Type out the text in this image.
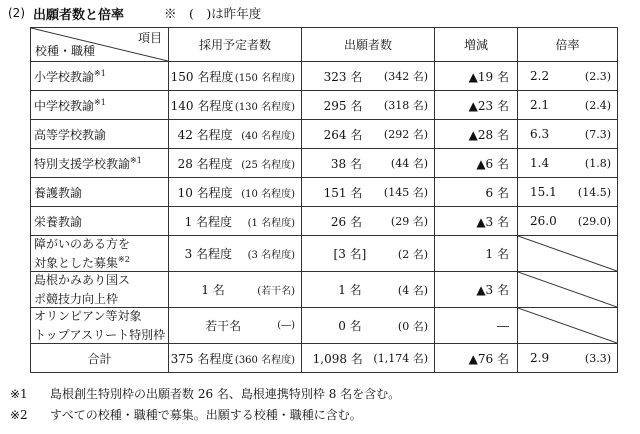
(2) 出願者数と倍率	※　(　)は昨年度
項目
校種・職種	採用予定者数	出願者数	増減	倍率
小学校教諭$^{※1}$	150 名程度 (150 名程度)	323 名 (342 名)	▲19 名	2.2 (2.3)

中学校教諭$^{※1}$	140 名程度 (130 名程度)	295 名 (318 名)	▲23 名	2.1 (2.4)

高等学校教諭	42 名程度 (40 名程度)	264 名 (292 名)	▲28 名	6.3 (7.3)

特別支援学校教諭$^{※1}$	28 名程度 (25 名程度)	38 名 (44 名)	▲6 名	1.4 (1.8)

養護教諭	10 名程度 (10 名程度)	151 名 (145 名)	6 名	15.1 (14.5)

栄養教諭	1 名程度 (1 名程度)	26 名 (29 名)	▲3 名	26.0 (29.0)

障がいのある方を
対象とした募集$^{※2}$	3 名程度 (3 名程度)	[3 名] (2 名)	1 名	

島根かみあり国ス
ポ競技力向上枠	1 名 (若干名)	1 名 (4 名)	▲3 名	

オリンピアン等対象
トップアスリート特別枠	若干名 (―)	0 名 (0 名)	―	

合計	375 名程度 (360 名程度)	1,098 名 (1,174 名)	▲76 名	2.9 (3.3)
※1 島根創生特別枠の出願者数 26 名、島根連携特別枠 8 名を含む。
※2 すべての校種・職種で募集。出願する校種・職種に含む。
